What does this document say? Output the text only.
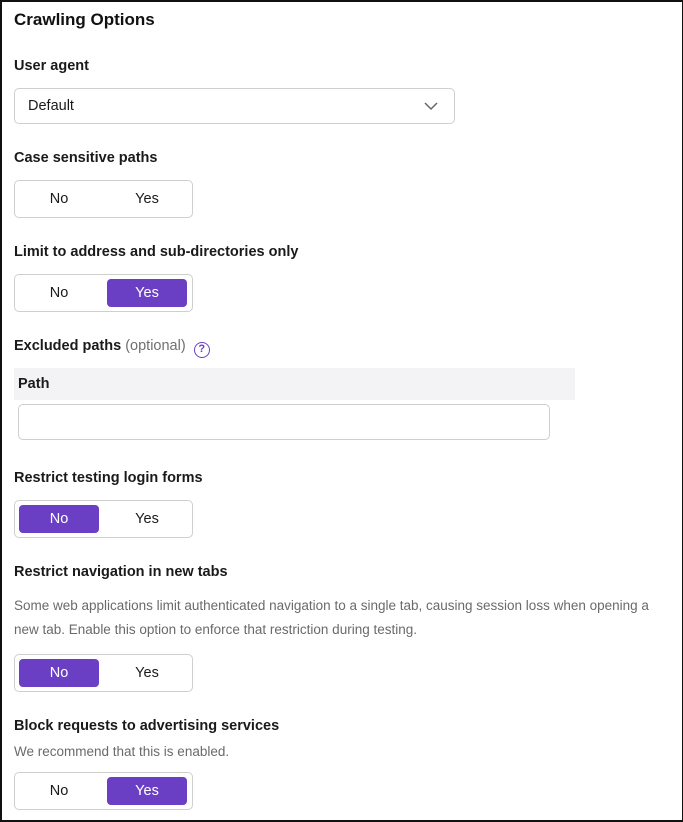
Crawling Options
User agent
Default
Case sensitive paths
No	Yes
Limit to address and sub-directories only
No	Yes
Excluded paths (optional) ?
Path
Restrict testing login forms
No	Yes
Restrict navigation in new tabs
Some web applications limit authenticated navigation to a single tab, causing session loss when opening a
new tab. Enable this option to enforce that restriction during testing.
No	Yes
Block requests to advertising services
We recommend that this is enabled.
No	Yes
